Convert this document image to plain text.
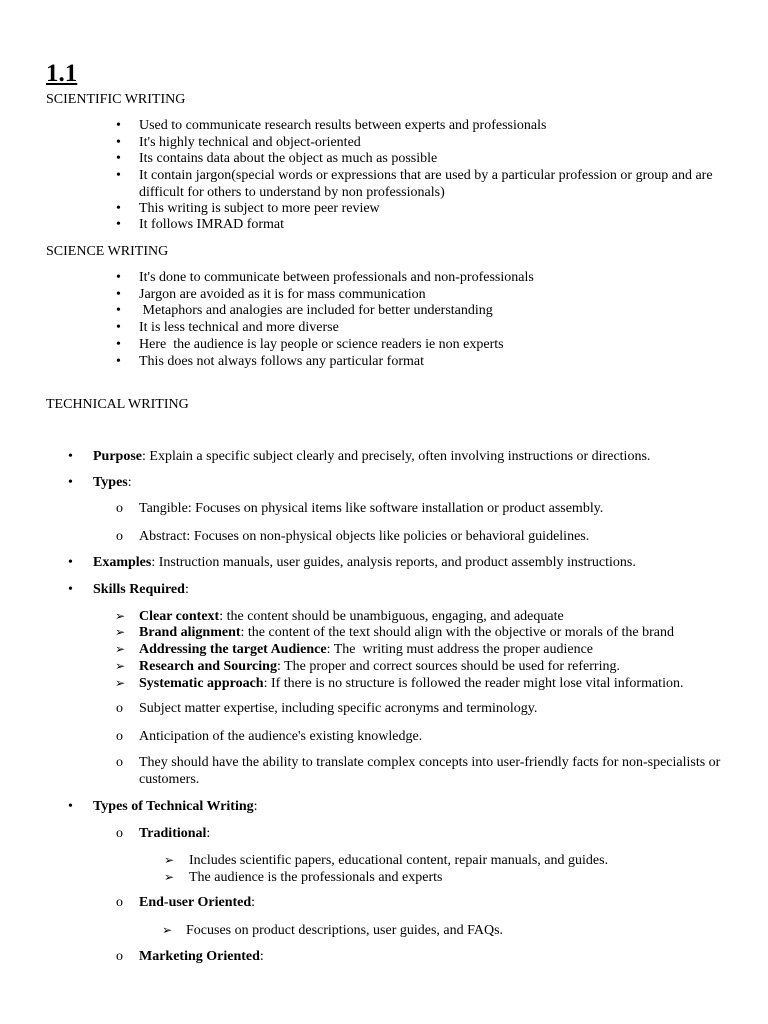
1.1
SCIENTIFIC WRITING
• Used to communicate research results between experts and professionals
• It's highly technical and object-oriented
• Its contains data about the object as much as possible
• It contain jargon(special words or expressions that are used by a particular profession or group and are difficult for others to understand by non professionals)
• This writing is subject to more peer review
• It follows IMRAD format
SCIENCE WRITING
• It's done to communicate between professionals and non-professionals
• Jargon are avoided as it is for mass communication
• Metaphors and analogies are included for better understanding
• It is less technical and more diverse
• Here  the audience is lay people or science readers ie non experts
• This does not always follows any particular format
TECHNICAL WRITING
• Purpose: Explain a specific subject clearly and precisely, often involving instructions or directions.
• Types:
o Tangible: Focuses on physical items like software installation or product assembly.
o Abstract: Focuses on non-physical objects like policies or behavioral guidelines.
• Examples: Instruction manuals, user guides, analysis reports, and product assembly instructions.
• Skills Required:
➢ Clear context: the content should be unambiguous, engaging, and adequate
➢ Brand alignment: the content of the text should align with the objective or morals of the brand
➢ Addressing the target Audience: The  writing must address the proper audience
➢ Research and Sourcing: The proper and correct sources should be used for referring.
➢ Systematic approach: If there is no structure is followed the reader might lose vital information.
o Subject matter expertise, including specific acronyms and terminology.
o Anticipation of the audience's existing knowledge.
o They should have the ability to translate complex concepts into user-friendly facts for non-specialists or customers.
• Types of Technical Writing:
o Traditional:
➢ Includes scientific papers, educational content, repair manuals, and guides.
➢ The audience is the professionals and experts
o End-user Oriented:
➢ Focuses on product descriptions, user guides, and FAQs.
o Marketing Oriented:
